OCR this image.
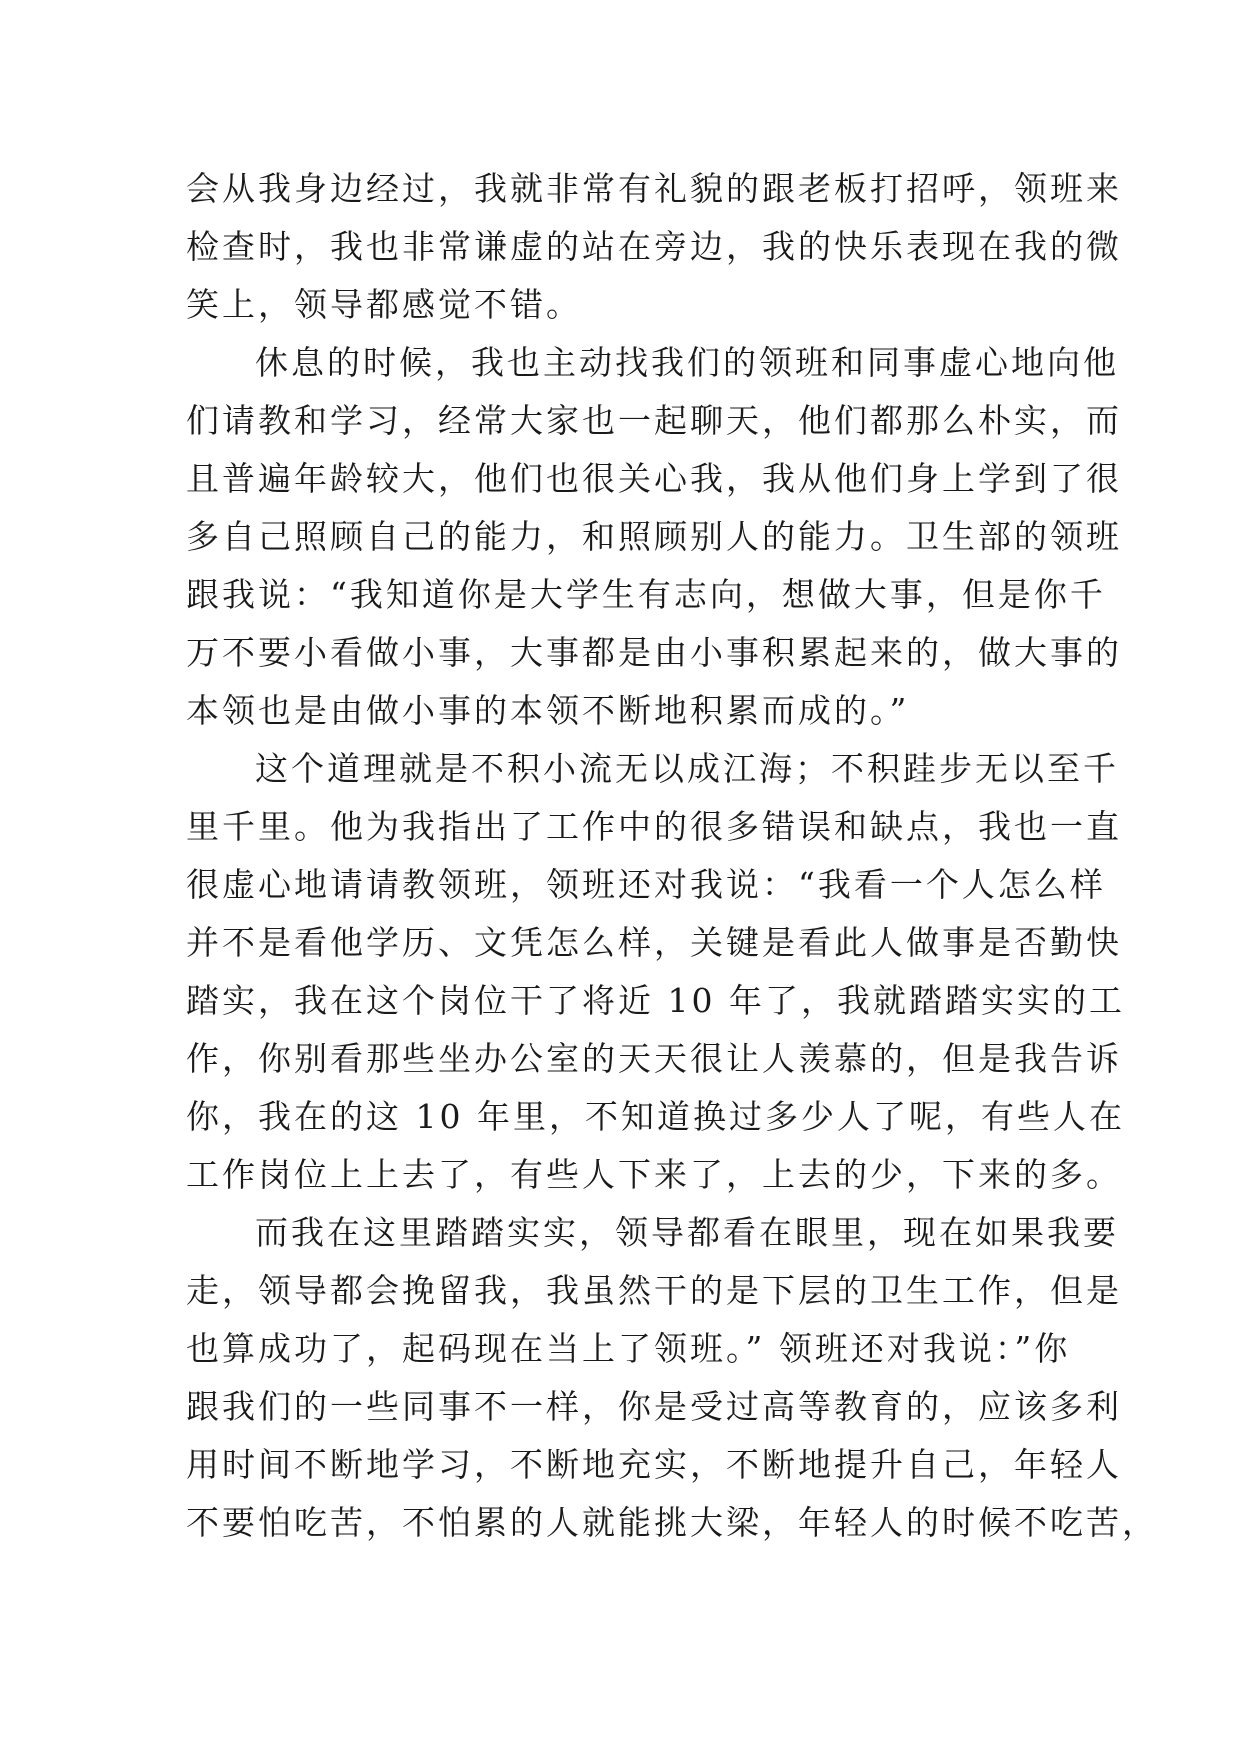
会从我身边经过，我就非常有礼貌的跟老板打招呼，领班来
检查时，我也非常谦虚的站在旁边，我的快乐表现在我的微
笑上，领导都感觉不错。
休息的时候，我也主动找我们的领班和同事虚心地向他
们请教和学习，经常大家也一起聊天，他们都那么朴实，而
且普遍年龄较大，他们也很关心我，我从他们身上学到了很
多自己照顾自己的能力，和照顾别人的能力。卫生部的领班
跟我说：“我知道你是大学生有志向，想做大事，但是你千
万不要小看做小事，大事都是由小事积累起来的，做大事的
本领也是由做小事的本领不断地积累而成的。”
这个道理就是不积小流无以成江海；不积跬步无以至千
里千里。他为我指出了工作中的很多错误和缺点，我也一直
很虚心地请请教领班，领班还对我说：“我看一个人怎么样
并不是看他学历、文凭怎么样，关键是看此人做事是否勤快
踏实，我在这个岗位干了将近 10 年了，我就踏踏实实的工
作，你别看那些坐办公室的天天很让人羡慕的，但是我告诉
你，我在的这 10 年里，不知道换过多少人了呢，有些人在
工作岗位上上去了，有些人下来了，上去的少，下来的多。
而我在这里踏踏实实，领导都看在眼里，现在如果我要
走，领导都会挽留我，我虽然干的是下层的卫生工作，但是
也算成功了，起码现在当上了领班。” 领班还对我说：”你
跟我们的一些同事不一样，你是受过高等教育的，应该多利
用时间不断地学习，不断地充实，不断地提升自己，年轻人
不要怕吃苦，不怕累的人就能挑大梁，年轻人的时候不吃苦，
